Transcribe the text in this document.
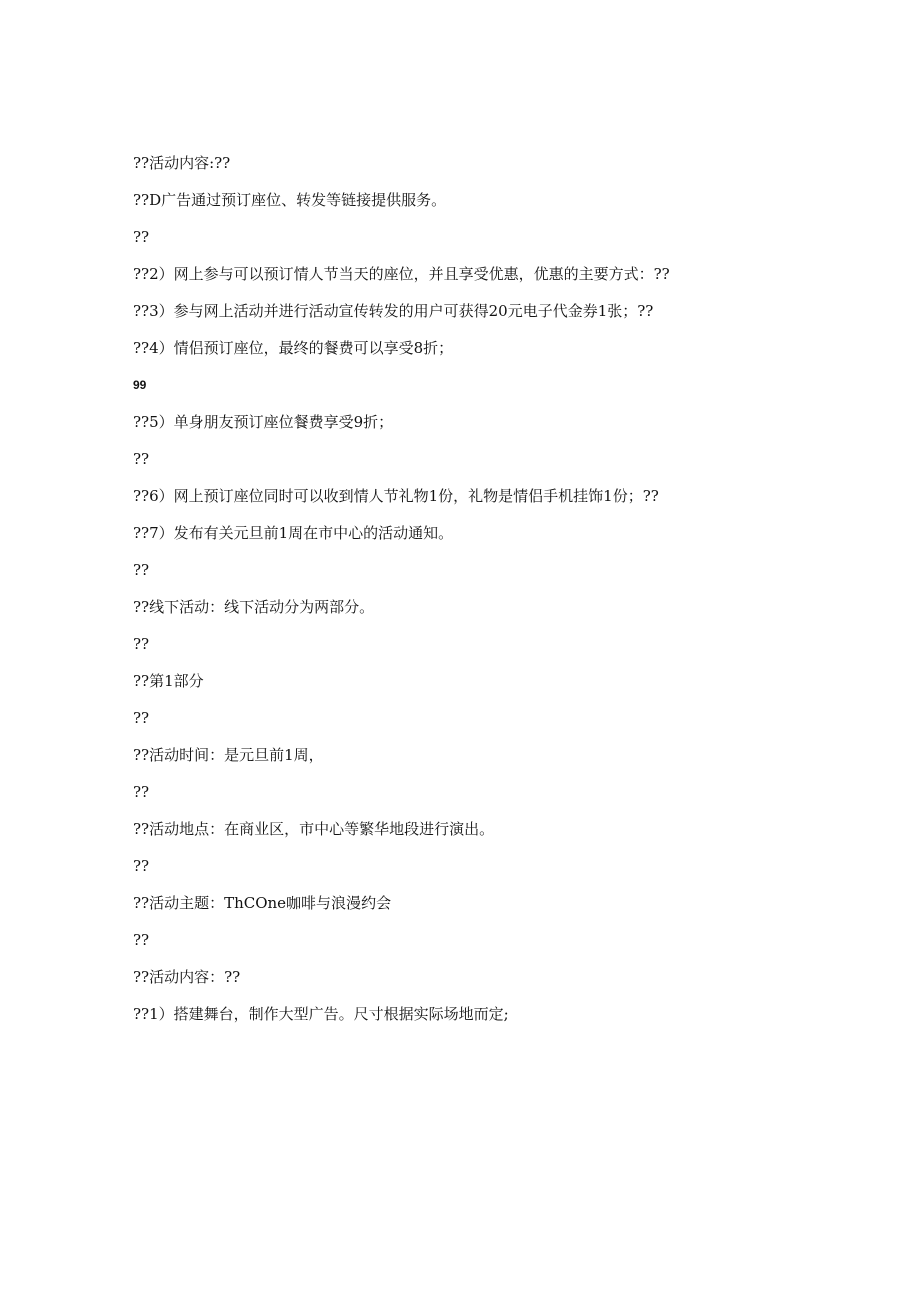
??活动内容:??
??D广告通过预订座位、转发等链接提供服务。
??
??2）网上参与可以预订情人节当天的座位，并且享受优惠，优惠的主要方式：??
??3）参与网上活动并进行活动宣传转发的用户可获得20元电子代金券1张；??
??4）情侣预订座位，最终的餐费可以享受8折；
99
??5）单身朋友预订座位餐费享受9折；
??
??6）网上预订座位同时可以收到情人节礼物1份，礼物是情侣手机挂饰1份；??
??7）发布有关元旦前1周在市中心的活动通知。
??
??线下活动：线下活动分为两部分。
??
??第1部分
??
??活动时间：是元旦前1周，
??
??活动地点：在商业区，市中心等繁华地段进行演出。
??
??活动主题：ThCOne咖啡与浪漫约会
??
??活动内容：??
??1）搭建舞台，制作大型广告。尺寸根据实际场地而定;
